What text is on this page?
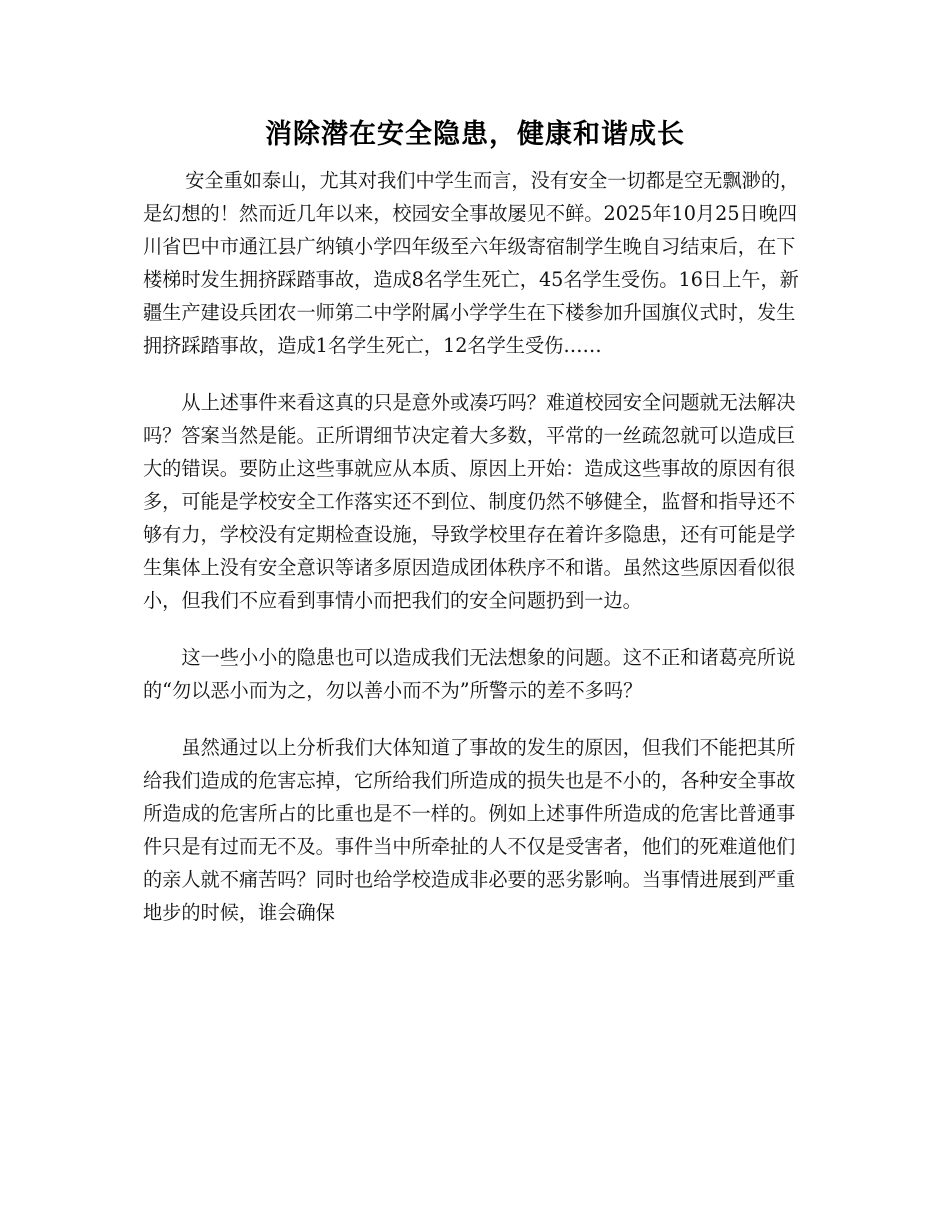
消除潜在安全隐患，健康和谐成长

安全重如泰山，尤其对我们中学生而言，没有安全一切都是空无飘渺的，是幻想的！然而近几年以来，校园安全事故屡见不鲜。2025年10月25日晚四川省巴中市通江县广纳镇小学四年级至六年级寄宿制学生晚自习结束后，在下楼梯时发生拥挤踩踏事故，造成8名学生死亡，45名学生受伤。16日上午，新疆生产建设兵团农一师第二中学附属小学学生在下楼参加升国旗仪式时，发生拥挤踩踏事故，造成1名学生死亡，12名学生受伤……

从上述事件来看这真的只是意外或凑巧吗？难道校园安全问题就无法解决吗？答案当然是能。正所谓细节决定着大多数，平常的一丝疏忽就可以造成巨大的错误。要防止这些事就应从本质、原因上开始：造成这些事故的原因有很多，可能是学校安全工作落实还不到位、制度仍然不够健全，监督和指导还不够有力，学校没有定期检查设施，导致学校里存在着许多隐患，还有可能是学生集体上没有安全意识等诸多原因造成团体秩序不和谐。虽然这些原因看似很小，但我们不应看到事情小而把我们的安全问题扔到一边。

这一些小小的隐患也可以造成我们无法想象的问题。这不正和诸葛亮所说的“勿以恶小而为之，勿以善小而不为”所警示的差不多吗？

虽然通过以上分析我们大体知道了事故的发生的原因，但我们不能把其所给我们造成的危害忘掉，它所给我们所造成的损失也是不小的，各种安全事故所造成的危害所占的比重也是不一样的。例如上述事件所造成的危害比普通事件只是有过而无不及。事件当中所牵扯的人不仅是受害者，他们的死难道他们的亲人就不痛苦吗？同时也给学校造成非必要的恶劣影响。当事情进展到严重地步的时候，谁会确保
